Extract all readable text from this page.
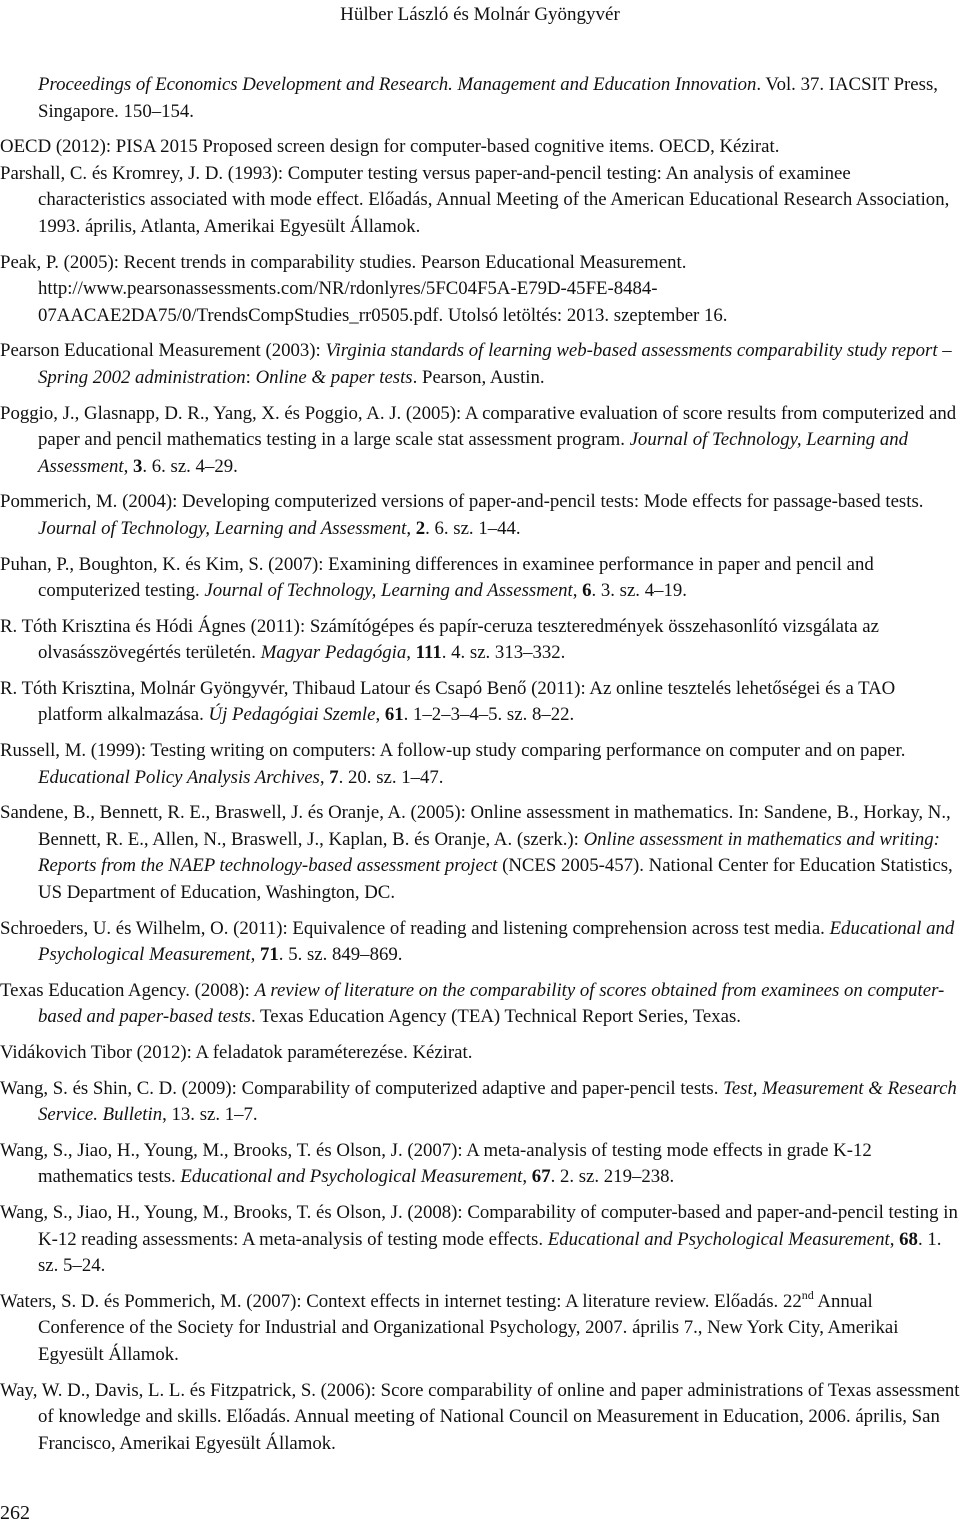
Hülber László és Molnár Gyöngyvér
Proceedings of Economics Development and Research. Management and Education Innovation. Vol. 37. IACSIT Press, Singapore. 150–154.
OECD (2012): PISA 2015 Proposed screen design for computer-based cognitive items. OECD, Kézirat.
Parshall, C. és Kromrey, J. D. (1993): Computer testing versus paper-and-pencil testing: An analysis of examinee characteristics associated with mode effect. Előadás, Annual Meeting of the American Educational Research Association, 1993. április, Atlanta, Amerikai Egyesült Államok.
Peak, P. (2005): Recent trends in comparability studies. Pearson Educational Measurement. http://www.pearsonassessments.com/NR/rdonlyres/5FC04F5A-E79D-45FE-8484-07AACAE2DA75/0/TrendsCompStudies_rr0505.pdf. Utolsó letöltés: 2013. szeptember 16.
Pearson Educational Measurement (2003): Virginia standards of learning web-based assessments comparability study report – Spring 2002 administration: Online & paper tests. Pearson, Austin.
Poggio, J., Glasnapp, D. R., Yang, X. és Poggio, A. J. (2005): A comparative evaluation of score results from computerized and paper and pencil mathematics testing in a large scale stat assessment program. Journal of Technology, Learning and Assessment, 3. 6. sz. 4–29.
Pommerich, M. (2004): Developing computerized versions of paper-and-pencil tests: Mode effects for passage-based tests. Journal of Technology, Learning and Assessment, 2. 6. sz. 1–44.
Puhan, P., Boughton, K. és Kim, S. (2007): Examining differences in examinee performance in paper and pencil and computerized testing. Journal of Technology, Learning and Assessment, 6. 3. sz. 4–19.
R. Tóth Krisztina és Hódi Ágnes (2011): Számítógépes és papír-ceruza teszteredmények összehasonlító vizsgálata az olvasásszövegértés területén. Magyar Pedagógia, 111. 4. sz. 313–332.
R. Tóth Krisztina, Molnár Gyöngyvér, Thibaud Latour és Csapó Benő (2011): Az online tesztelés lehetőségei és a TAO platform alkalmazása. Új Pedagógiai Szemle, 61. 1–2–3–4–5. sz. 8–22.
Russell, M. (1999): Testing writing on computers: A follow-up study comparing performance on computer and on paper. Educational Policy Analysis Archives, 7. 20. sz. 1–47.
Sandene, B., Bennett, R. E., Braswell, J. és Oranje, A. (2005): Online assessment in mathematics. In: Sandene, B., Horkay, N., Bennett, R. E., Allen, N., Braswell, J., Kaplan, B. és Oranje, A. (szerk.): Online assessment in mathematics and writing: Reports from the NAEP technology-based assessment project (NCES 2005-457). National Center for Education Statistics, US Department of Education, Washington, DC.
Schroeders, U. és Wilhelm, O. (2011): Equivalence of reading and listening comprehension across test media. Educational and Psychological Measurement, 71. 5. sz. 849–869.
Texas Education Agency. (2008): A review of literature on the comparability of scores obtained from examinees on computer-based and paper-based tests. Texas Education Agency (TEA) Technical Report Series, Texas.
Vidákovich Tibor (2012): A feladatok paraméterezése. Kézirat.
Wang, S. és Shin, C. D. (2009): Comparability of computerized adaptive and paper-pencil tests. Test, Measurement & Research Service. Bulletin, 13. sz. 1–7.
Wang, S., Jiao, H., Young, M., Brooks, T. és Olson, J. (2007): A meta-analysis of testing mode effects in grade K-12 mathematics tests. Educational and Psychological Measurement, 67. 2. sz. 219–238.
Wang, S., Jiao, H., Young, M., Brooks, T. és Olson, J. (2008): Comparability of computer-based and paper-and-pencil testing in K-12 reading assessments: A meta-analysis of testing mode effects. Educational and Psychological Measurement, 68. 1. sz. 5–24.
Waters, S. D. és Pommerich, M. (2007): Context effects in internet testing: A literature review. Előadás. 22nd Annual Conference of the Society for Industrial and Organizational Psychology, 2007. április 7., New York City, Amerikai Egyesült Államok.
Way, W. D., Davis, L. L. és Fitzpatrick, S. (2006): Score comparability of online and paper administrations of Texas assessment of knowledge and skills. Előadás. Annual meeting of National Council on Measurement in Education, 2006. április, San Francisco, Amerikai Egyesült Államok.
262
